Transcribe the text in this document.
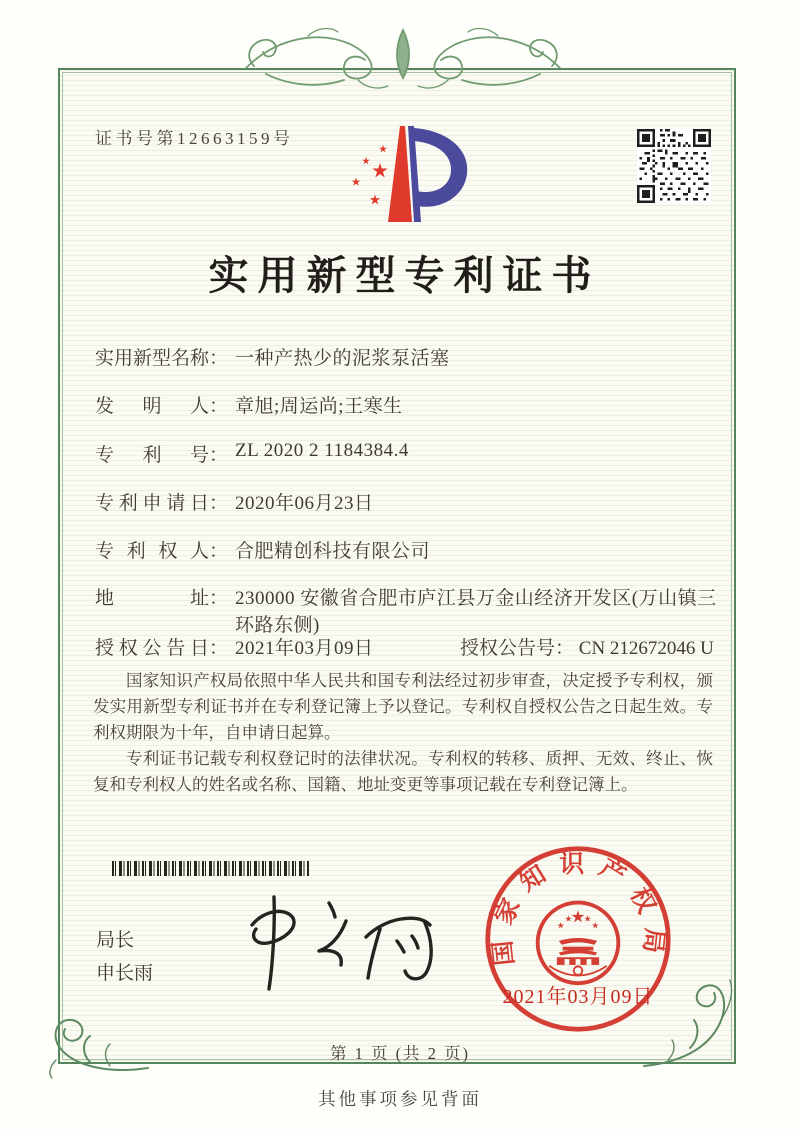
证书号第12663159号
实用新型专利证书
实用新型名称 ： 一种产热少的泥浆泵活塞
发明人 ： 章旭;周运尚;王寒生
专利号 ： ZL 2020 2 1184384.4
专利申请日 ： 2020年06月23日
专利权人 ： 合肥精创科技有限公司
地址 ： 230000 安徽省合肥市庐江县万金山经济开发区(万山镇三环路东侧)
授权公告日 ： 2021年03月09日	授权公告号： CN 212672046 U

国家知识产权局依照中华人民共和国专利法经过初步审查，决定授予专利权，颁发实用新型专利证书并在专利登记簿上予以登记。专利权自授权公告之日起生效。专利权期限为十年，自申请日起算。

专利证书记载专利权登记时的法律状况。专利权的转移、质押、无效、终止、恢复和专利权人的姓名或名称、国籍、地址变更等事项记载在专利登记簿上。

局长
申长雨
国家知识产权局
2021年03月09日
第 1 页 (共 2 页)
其他事项参见背面
